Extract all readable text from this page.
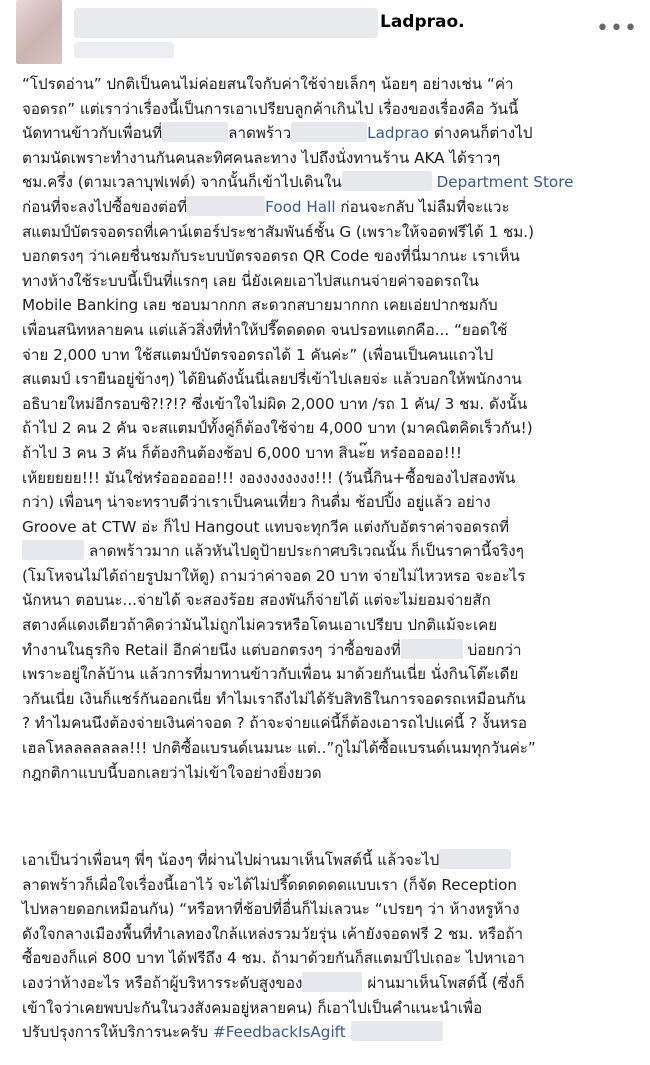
Ladprao.	•••
“โปรดอ่าน” ปกติเป็นคนไม่ค่อยสนใจกับค่าใช้จ่ายเล็กๆ น้อยๆ อย่างเช่น “ค่า
จอดรถ” แต่เราว่าเรื่องนี้เป็นการเอาเปรียบลูกค้าเกินไป เรื่องของเรื่องคือ วันนี้
นัดทานข้าวกับเพื่อนที่	ลาดพร้าว	Ladprao ต่างคนก็ต่างไป
ตามนัดเพราะทำงานกันคนละทิศคนละทาง ไปถึงนั่งทานร้าน AKA ได้ราวๆ
ชม.ครึ่ง (ตามเวลาบุฟเฟต์) จากนั้นก็เข้าไปเดินใน	Department Store
ก่อนที่จะลงไปซื้อของต่อที่	Food Hall ก่อนจะกลับ ไม่ลืมที่จะแวะ
สแตมป์บัตรจอดรถที่เคาน์เตอร์ประชาสัมพันธ์ชั้น G (เพราะให้จอดฟรีได้ 1 ชม.)
บอกตรงๆ ว่าเคยชื่นชมกับระบบบัตรจอดรถ QR Code ของที่นี่มากนะ เราเห็น
ทางห้างใช้ระบบนี้เป็นที่แรกๆ เลย นี่ยังเคยเอาไปสแกนจ่ายค่าจอดรถใน
Mobile Banking เลย ชอบมากกก สะดวกสบายมากกก เคยเอ่ยปากชมกับ
เพื่อนสนิทหลายคน แต่แล้วสิ่งที่ทำให้ปรี๊ดดดดด จนปรอทแตกคือ... “ยอดใช้
จ่าย 2,000 บาท ใช้สแตมป์บัตรจอดรถได้ 1 คันค่ะ” (เพื่อนเป็นคนแถวไป
สแตมป์ เรายืนอยู่ข้างๆ) ได้ยินดังนั้นนี่เลยปรี่เข้าไปเลยจ่ะ แล้วบอกให้พนักงาน
อธิบายใหม่อีกรอบซิ?!?!? ซึ่งเข้าใจไม่ผิด 2,000 บาท /รถ 1 คัน/ 3 ชม. ดังนั้น
ถ้าไป 2 คน 2 คัน จะสแตมป์ทั้งคู่ก็ต้องใช้จ่าย 4,000 บาท (มาคณิตคิดเร็วกัน!)
ถ้าไป 3 คน 3 คัน ก็ต้องกินต้องช้อป 6,000 บาท สินะ๊ย หร๋อออออ!!!
เห้ยยยยย!!! มันใช่หร๋ออออออ!!! งองงงงงงงง!!! (วันนี้กิน+ซื้อของไปสองพัน
กว่า) เพื่อนๆ น่าจะทราบดีว่าเราเป็นคนเที่ยว กินดื่ม ช้อปปิ้ง อยู่แล้ว อย่าง
Groove at CTW อ่ะ ก็ไป Hangout แทบจะทุกวีค แต่งกับอัตราค่าจอดรถที่
ลาดพร้าวมาก แล้วหันไปดูป้ายประกาศบริเวณนั้น ก็เป็นราคานี้จริงๆ
(โมโหจนไม่ได้ถ่ายรูปมาให้ดู) ถามว่าค่าจอด 20 บาท จ่ายไม่ไหวหรอ จะอะไร
นักหนา ตอบนะ...จ่ายได้ จะสองร้อย สองพันก็จ่ายได้ แต่จะไม่ยอมจ่ายสัก
สตางค์แดงเดียวถ้าคิดว่ามันไม่ถูกไม่ควรหรือโดนเอาเปรียบ ปกติแม้จะเคย
ทำงานในธุรกิจ Retail อีกค่ายนึง แต่บอกตรงๆ ว่าซื้อของที่	บ่อยกว่า
เพราะอยู่ใกล้บ้าน แล้วการที่มาทานข้าวกับเพื่อน มาด้วยกันเนี่ย นั่งกินโต๊ะเดีย
วกันเนี่ย เงินก็แชร์กันออกเนี่ย ทำไมเราถึงไม่ได้รับสิทธิในการจอดรถเหมือนกัน
? ทำไมคนนึงต้องจ่ายเงินค่าจอด ? ถ้าจะจ่ายแค่นี้ก็ต้องเอารถไปแค่นี้ ? งั้นหรอ
เฮลโหลลลลลลล!!! ปกติซื้อแบรนด์เนมนะ แต่..”กูไม่ได้ซื้อแบรนด์เนมทุกวันค่ะ”
กฎกติกาแบบนี้บอกเลยว่าไม่เข้าใจอย่างยิ่งยวด
เอาเป็นว่าเพื่อนๆ พี่ๆ น้องๆ ที่ผ่านไปผ่านมาเห็นโพสต์นี้ แล้วจะไป
ลาดพร้าวก็เผื่อใจเรื่องนี้เอาไว้ จะได้ไม่ปรี๊ดดดดดดแบบเรา (ก็จัด Reception
ไปหลายดอกเหมือนกัน) “หรือหาที่ช้อปที่อื่นก็ไม่เลวนะ “เปรยๆ ว่า ห้างหรูห้าง
ดังใจกลางเมืองพื้นที่ทำเลทองใกล้แหล่งรวมวัยรุ่น เค้ายังจอดฟรี 2 ชม. หรือถ้า
ซื้อของก็แค่ 800 บาท ได้ฟรีถึง 4 ชม. ถ้ามาด้วยกันก็สแตมป์ไปเถอะ ไปหาเอา
เองว่าห้างอะไร หรือถ้าผู้บริหารระดับสูงของ	ผ่านมาเห็นโพสต์นี้ (ซึ่งก็
เข้าใจว่าเคยพบปะกันในวงสังคมอยู่หลายคน) ก็เอาไปเป็นคำแนะนำเพื่อ
ปรับปรุงการให้บริการนะครับ #FeedbackIsAgift
